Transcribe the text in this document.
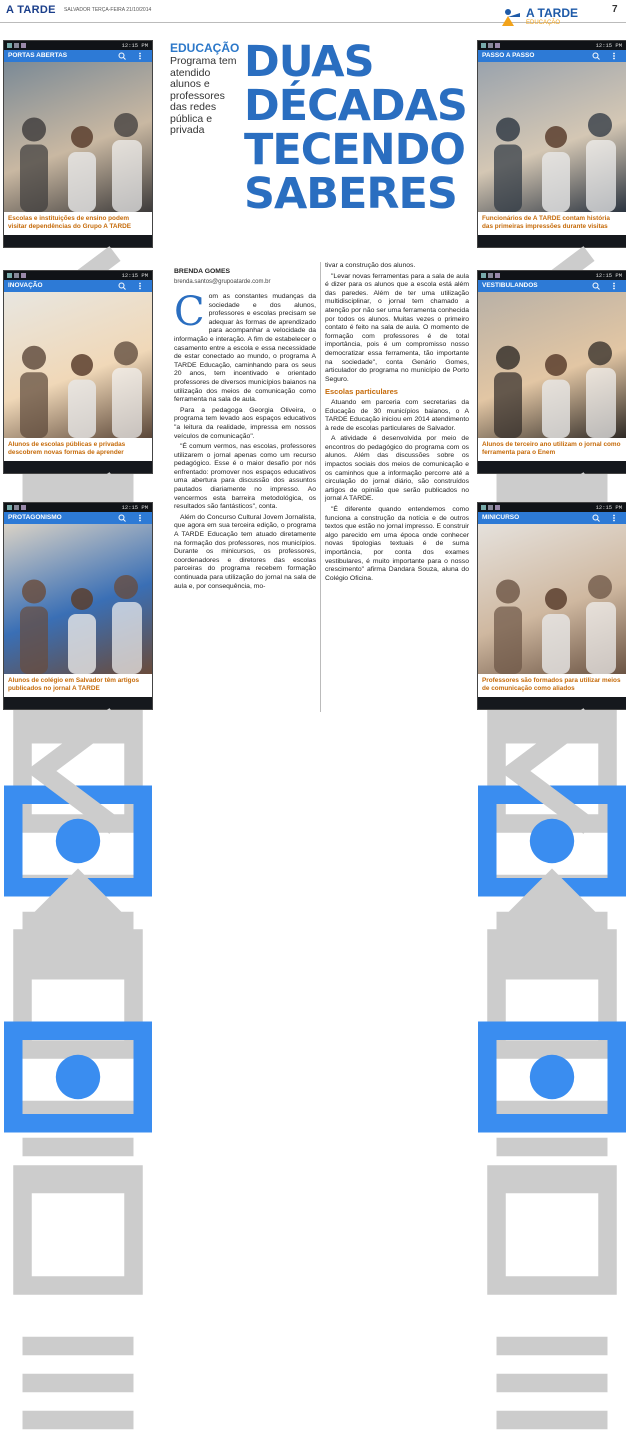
A TARDE SALVADOR TERÇA-FEIRA 21/10/2014	7
A TARDE
EDUCAÇÃO
12:15 PM
PORTAS ABERTAS
Escolas e instituições de ensino podem visitar dependências do Grupo A TARDE

12:15 PM
PASSO A PASSO
Funcionários de A TARDE contam história das primeiras impressões durante visitas

12:15 PM
INOVAÇÃO
Alunos de escolas públicas e privadas descobrem novas formas de aprender

12:15 PM
VESTIBULANDOS
Alunos de terceiro ano utilizam o jornal como ferramenta para o Enem

12:15 PM
PROTAGONISMO
Alunos de colégio em Salvador têm artigos publicados no jornal A TARDE

12:15 PM
MINICURSO
Professores são formados para utilizar meios de comunicação como aliados

EDUCAÇÃO
Programa tem atendido alunos e professores das redes pública e privada
DUAS
DÉCADAS
TECENDO
SABERES
BRENDA GOMES
brenda.santos@grupoatarde.com.br
C om as constantes mudanças da sociedade e dos alunos, professores e escolas precisam se adequar às formas de aprendizado para acompanhar a velocidade da informação e interação. A fim de estabelecer o casamento entre a escola e essa necessidade de estar conectado ao mundo, o programa A TARDE Educação, caminhando para os seus 20 anos, tem incentivado e orientado professores de diversos municípios baianos na utilização dos meios de comunicação como ferramenta na sala de aula.

Para a pedagoga Georgia Oliveira, o programa tem levado aos espaços educativos "a leitura da realidade, impressa em nossos veículos de comunicação".

"É comum vermos, nas escolas, professores utilizarem o jornal apenas como um recurso pedagógico. Esse é o maior desafio por nós enfrentado: promover nos espaços educativos uma abertura para discussão dos assuntos pautados diariamente no impresso. Ao vencermos esta barreira metodológica, os resultados são fantásticos", conta.

Além do Concurso Cultural Jovem Jornalista, que agora em sua terceira edição, o programa A TARDE Educação tem atuado diretamente na formação dos professores, nos municípios. Durante os minicursos, os professores, coordenadores e diretores das escolas parceiras do programa recebem formação continuada para utilização do jornal na sala de aula e, por consequência, mo-

tivar a construção dos alunos.

"Levar novas ferramentas para a sala de aula é dizer para os alunos que a escola está além das paredes. Além de ter uma utilização multidisciplinar, o jornal tem chamado a atenção por não ser uma ferramenta conhecida por todos os alunos. Muitas vezes o primeiro contato é feito na sala de aula. O momento de formação com professores é de total importância, pois é um compromisso nosso democratizar essa ferramenta, tão importante na sociedade", conta Genário Gomes, articulador do programa no município de Porto Seguro.

Escolas particulares

Atuando em parceria com secretarias da Educação de 30 municípios baianos, o A TARDE Educação iniciou em 2014 atendimento à rede de escolas particulares de Salvador.

A atividade é desenvolvida por meio de encontros do pedagógico do programa com os alunos. Além das discussões sobre os impactos sociais dos meios de comunicação e os caminhos que a informação percorre até a circulação do jornal diário, são construídos artigos de opinião que serão publicados no jornal A TARDE.

"É diferente quando entendemos como funciona a construção da notícia e de outros textos que estão no jornal impresso. E construir algo parecido em uma época onde conhecer novas tipologias textuais é de suma importância, por conta dos exames vestibulares, é muito importante para o nosso crescimento" afirma Dandara Souza, aluna do Colégio Oficina.
